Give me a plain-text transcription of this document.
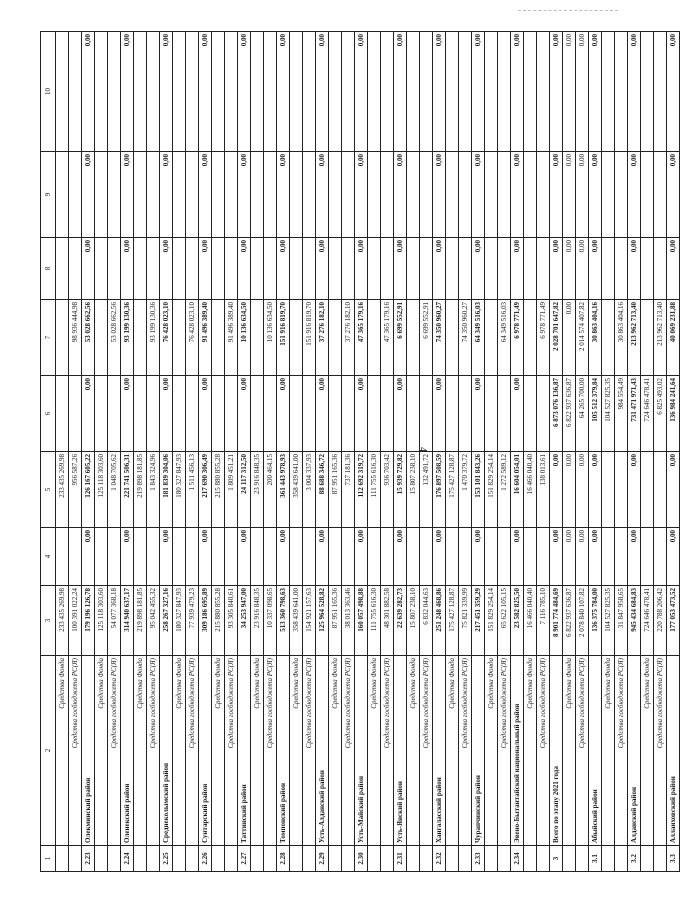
4
1	2	3	4	5	6	7	8	9	10
	Средства Фонда	233 435 269,98		233 435 269,98					
	Средства госбюджета РС(Я)	100 391 022,24		956 587,26		98 936 444,98			
2.23	Олекминский район	179 196 126,78	0,00	126 167 605,22	0,00	53 028 662,56	0,00	0,00	0,00
	Средства Фонда	125 118 303,60		125 118 303,60					
	Средства госбюджета РС(Я)	54 077 368,18		1 048 705,62		53 028 662,56			
2.24	Оленекский район	314 940 637,17	0,00	221 741 506,31	0,00	93 199 130,36	0,00	0,00	0,00
	Средства Фонда	219 898 181,85		219 898 181,85					
	Средства госбюджета РС(Я)	95 042 455,32		1 843 324,96		93 199 130,36			
2.25	Среднеколымский район	258 267 327,16	0,00	181 839 304,06	0,00	76 428 023,10	0,00	0,00	0,00
	Средства Фонда	180 327 847,93		180 327 847,93					
	Средства госбюджета РС(Я)	77 939 479,23		1 511 456,13		76 428 023,10			
2.26	Сунтарский район	309 186 695,89	0,00	217 690 306,49	0,00	91 496 389,40	0,00	0,00	0,00
	Средства Фонда	215 880 855,28		215 880 855,28					
	Средства госбюджета РС(Я)	93 305 840,61		1 809 451,21		91 496 389,40			
2.27	Таттинский район	34 253 947,00	0,00	24 117 312,50	0,00	10 136 634,50	0,00	0,00	0,00
	Средства Фонда	23 916 848,35		23 916 848,35					
	Средства госбюджета РС(Я)	10 337 098,65		200 464,15		10 136 634,50			
2.28	Томпонский район	513 360 798,63	0,00	361 443 978,93	0,00	151 916 819,70	0,00	0,00	0,00
	Средства Фонда	358 439 641,00		358 439 641,00					
	Средства госбюджета РС(Я)	154 921 157,63		3 004 337,93		151 916 819,70			
2.29	Усть-Алданский район	125 964 528,82	0,00	88 688 346,72	0,00	37 276 182,10	0,00	0,00	0,00
	Средства Фонда	87 951 165,36		87 951 165,36					
	Средства госбюджета РС(Я)	38 013 363,46		737 181,36		37 276 182,10			
2.30	Усть-Майский район	160 057 498,88	0,00	112 692 319,72	0,00	47 365 179,16	0,00	0,00	0,00
	Средства Фонда	111 755 616,30		111 755 616,30					
	Средства госбюджета РС(Я)	48 301 882,58		936 703,42		47 365 179,16			
2.31	Усть-Янский район	22 639 282,73	0,00	15 939 729,82	0,00	6 699 552,91	0,00	0,00	0,00
	Средства Фонда	15 807 238,10		15 807 238,10					
	Средства госбюджета РС(Я)	6 832 044,63		132 491,72		6 699 552,91			
2.32	Хангаласский район	251 248 468,86	0,00	176 897 508,59	0,00	74 350 960,27	0,00	0,00	0,00
	Средства Фонда	175 427 128,87		175 427 128,87					
	Средства госбюджета РС(Я)	75 821 339,99		1 470 379,72		74 350 960,27			
2.33	Чурапчинский район	217 451 359,29	0,00	153 101 843,26	0,00	64 349 516,03	0,00	0,00	0,00
	Средства Фонда	151 829 254,14		151 829 254,14					
	Средства госбюджета РС(Я)	65 622 105,15		1 272 589,12		64 349 516,03			
2.34	Эвено-Бытантайский национальный район	23 582 825,50	0,00	16 604 054,01	0,00	6 978 771,49	0,00	0,00	0,00
	Средства Фонда	16 466 040,40		16 466 040,40					
	Средства госбюджета РС(Я)	7 116 785,10		138 013,61		6 978 771,49			
3	Всего по этапу 2021 года	8 901 774 484,69	0,00	0,00	6 873 076 136,87	2 028 701 647,82	0,00	0,00	0,00
	Средства Фонда	6 822 937 636,87	0,00	0,00	6 822 937 636,87	0,00	0,00	0,00	0,00
	Средства госбюджета РС(Я)	2 078 840 107,82	0,00	0,00	64 265 700,00	2 014 574 407,82	0,00	0,00	0,00
3.1	Абыйский район	136 375 784,00	0,00	0,00	105 512 379,84	30 863 404,16	0,00	0,00	0,00
	Средства Фонда	104 527 825,35			104 527 825,35				
	Средства госбюджета РС(Я)	31 847 958,65			984 554,49	30 863 404,16			
3.2	Алданский район	945 434 684,83	0,00	0,00	731 471 971,43	213 962 713,40	0,00	0,00	0,00
	Средства Фонда	724 646 478,41			724 646 478,41				
	Средства госбюджета РС(Я)	220 788 206,42			6 825 493,02	213 962 713,40			
3.3	Аллаиховский район	177 053 473,52	0,00	0,00	136 984 241,64	40 069 231,88	0,00	0,00	0,00
